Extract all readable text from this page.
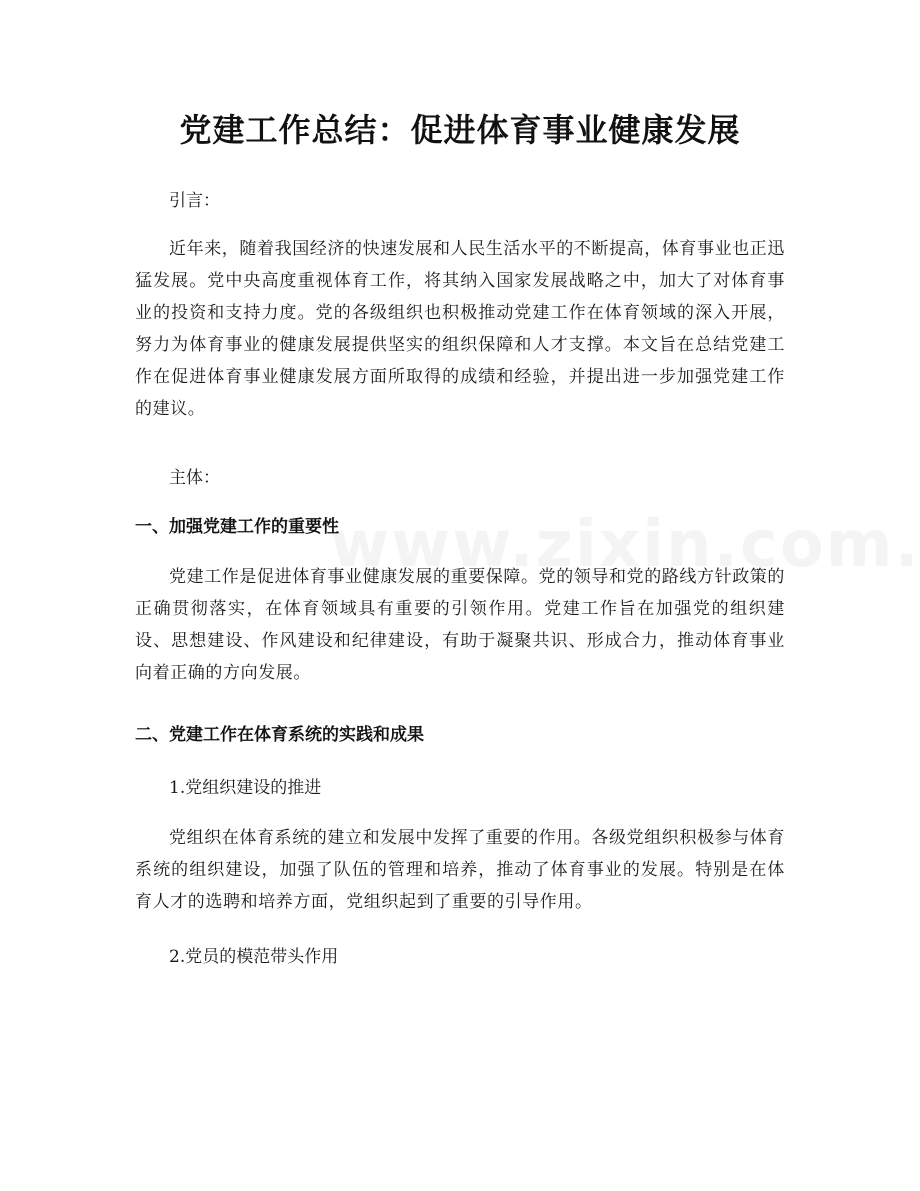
党建工作总结：促进体育事业健康发展
引言：
近年来，随着我国经济的快速发展和人民生活水平的不断提高，体育事业也正迅猛发展。党中央高度重视体育工作，将其纳入国家发展战略之中，加大了对体育事业的投资和支持力度。党的各级组织也积极推动党建工作在体育领域的深入开展，努力为体育事业的健康发展提供坚实的组织保障和人才支撑。本文旨在总结党建工作在促进体育事业健康发展方面所取得的成绩和经验，并提出进一步加强党建工作的建议。
主体：
一、加强党建工作的重要性
党建工作是促进体育事业健康发展的重要保障。党的领导和党的路线方针政策的正确贯彻落实，在体育领域具有重要的引领作用。党建工作旨在加强党的组织建设、思想建设、作风建设和纪律建设，有助于凝聚共识、形成合力，推动体育事业向着正确的方向发展。
二、党建工作在体育系统的实践和成果
1.党组织建设的推进
党组织在体育系统的建立和发展中发挥了重要的作用。各级党组织积极参与体育系统的组织建设，加强了队伍的管理和培养，推动了体育事业的发展。特别是在体育人才的选聘和培养方面，党组织起到了重要的引导作用。
2.党员的模范带头作用
